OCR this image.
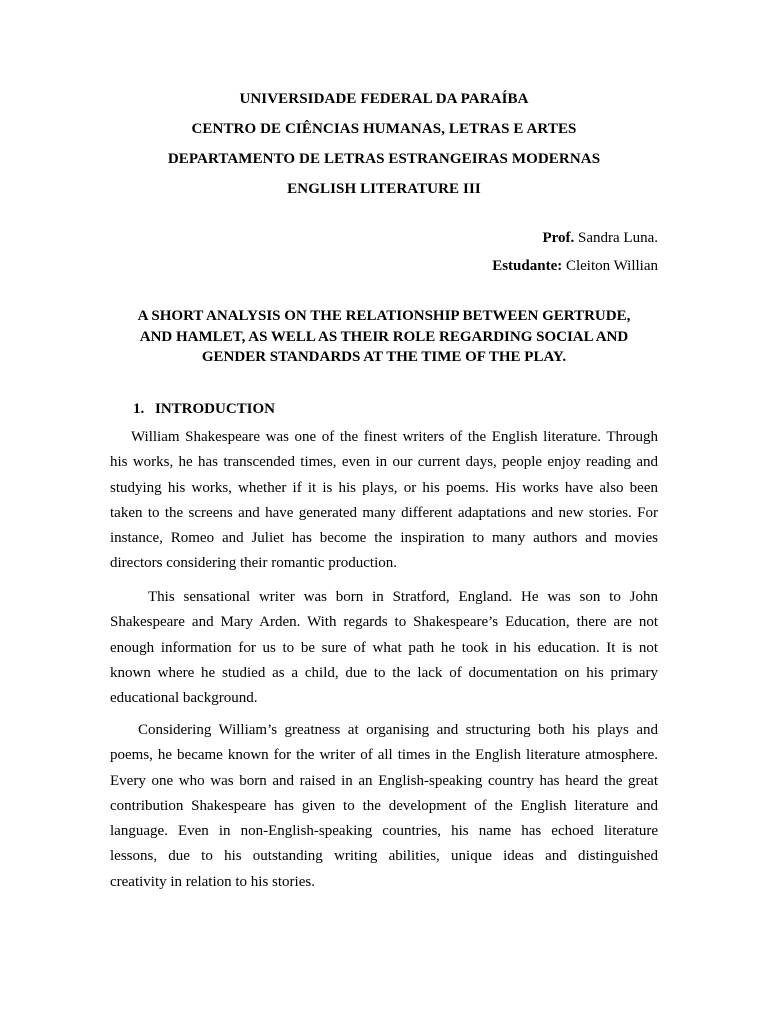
UNIVERSIDADE FEDERAL DA PARAÍBA

CENTRO DE CIÊNCIAS HUMANAS, LETRAS E ARTES

DEPARTAMENTO DE LETRAS ESTRANGEIRAS MODERNAS

ENGLISH LITERATURE III

Prof. Sandra Luna.

Estudante: Cleiton Willian

A SHORT ANALYSIS ON THE RELATIONSHIP BETWEEN GERTRUDE,

AND HAMLET, AS WELL AS THEIR ROLE REGARDING SOCIAL AND

GENDER STANDARDS AT THE TIME OF THE PLAY.

1. INTRODUCTION

William Shakespeare was one of the finest writers of the English literature. Through
his works, he has transcended times, even in our current days, people enjoy reading and
studying his works, whether if it is his plays, or his poems. His works have also been
taken to the screens and have generated many different adaptations and new stories. For
instance, Romeo and Juliet has become the inspiration to many authors and movies
directors considering their romantic production.
This sensational writer was born in Stratford, England. He was son to John
Shakespeare and Mary Arden. With regards to Shakespeare’s Education, there are not
enough information for us to be sure of what path he took in his education. It is not
known where he studied as a child, due to the lack of documentation on his primary
educational background.
Considering William’s greatness at organising and structuring both his plays and
poems, he became known for the writer of all times in the English literature atmosphere.
Every one who was born and raised in an English-speaking country has heard the great
contribution Shakespeare has given to the development of the English literature and
language. Even in non-English-speaking countries, his name has echoed literature
lessons, due to his outstanding writing abilities, unique ideas and distinguished
creativity in relation to his stories.
